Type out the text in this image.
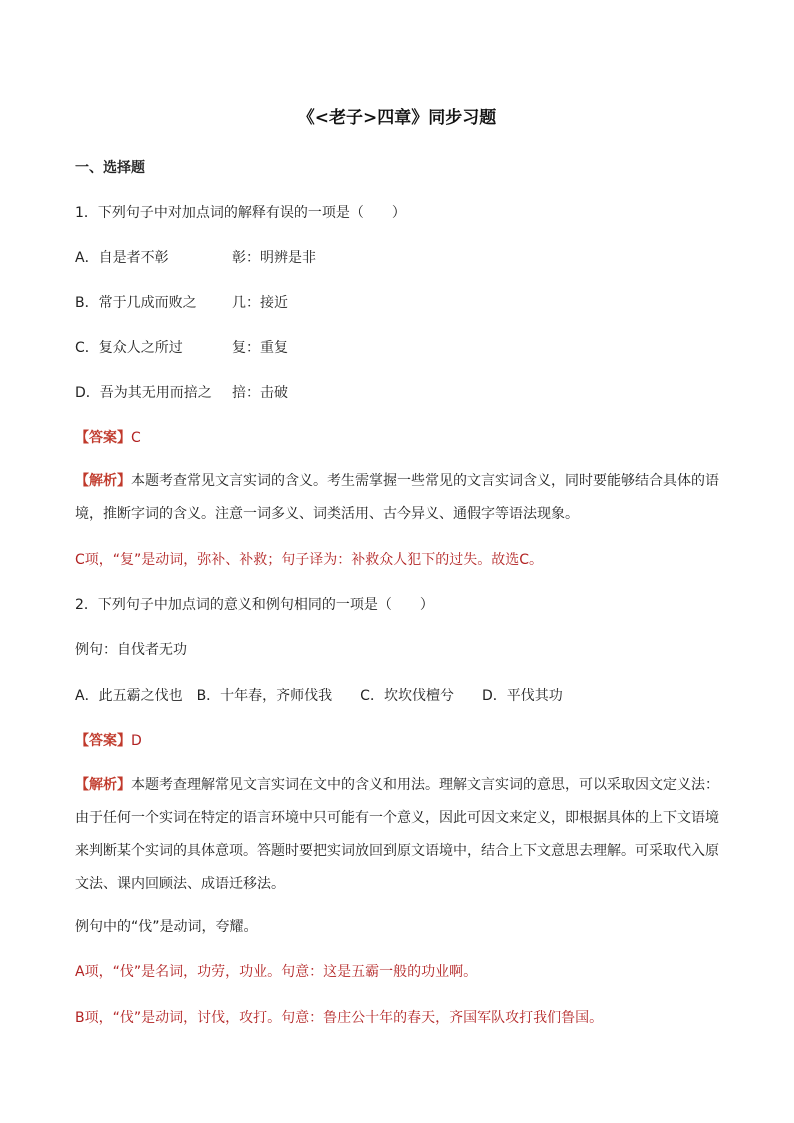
《<老子>四章》同步习题
一、选择题
1．下列句子中对加点词的解释有误的一项是（　　）
A．自是者不彰	彰：明辨是非
B．常于几成而败之	几：接近
C．复众人之所过	复：重复
D．吾为其无用而掊之 掊：击破
【答案】C
【解析】本题考查常见文言实词的含义。考生需掌握一些常见的文言实词含义，同时要能够结合具体的语境，推断字词的含义。注意一词多义、词类活用、古今异义、通假字等语法现象。
C项，“复”是动词，弥补、补救；句子译为：补救众人犯下的过失。故选C。
2．下列句子中加点词的意义和例句相同的一项是（　　）
例句：自伐者无功
A．此五霸之伐也　B．十年春，齐师伐我　　C．坎坎伐檀兮　　D．平伐其功
【答案】D
【解析】本题考查理解常见文言实词在文中的含义和用法。理解文言实词的意思，可以采取因文定义法：由于任何一个实词在特定的语言环境中只可能有一个意义，因此可因文来定义，即根据具体的上下文语境来判断某个实词的具体意项。答题时要把实词放回到原文语境中，结合上下文意思去理解。可采取代入原文法、课内回顾法、成语迁移法。
例句中的“伐”是动词，夸耀。
A项，“伐”是名词，功劳，功业。句意：这是五霸一般的功业啊。
B项，“伐”是动词，讨伐，攻打。句意：鲁庄公十年的春天，齐国军队攻打我们鲁国。
